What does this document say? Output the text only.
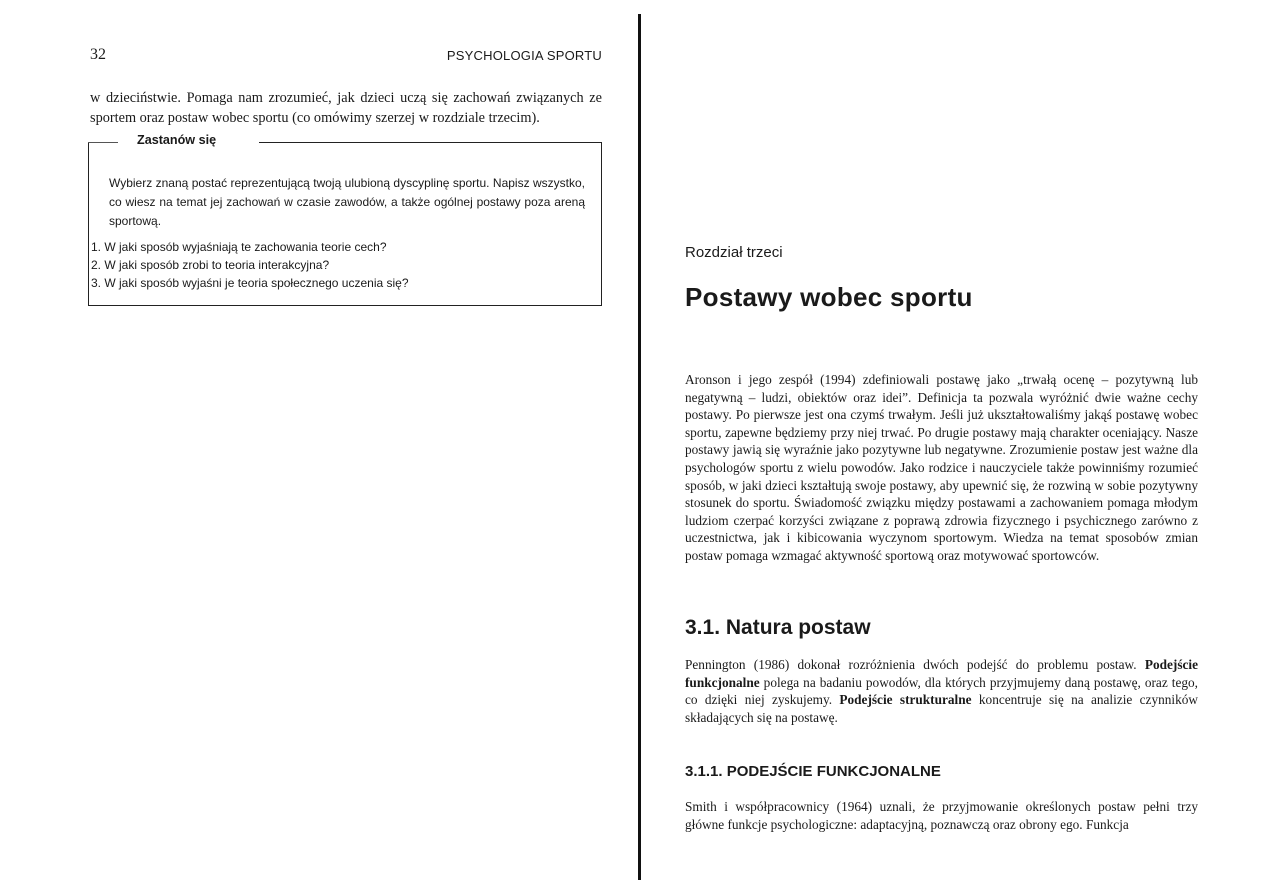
32	PSYCHOLOGIA SPORTU

w dzieciństwie. Pomaga nam zrozumieć, jak dzieci uczą się zachowań związanych ze sportem oraz postaw wobec sportu (co omówimy szerzej w rozdziale trzecim).

Zastanów się

Wybierz znaną postać reprezentującą twoją ulubioną dyscyplinę sportu. Napisz wszystko, co wiesz na temat jej zachowań w czasie zawodów, a także ogólnej postawy poza areną sportową.

1. W jaki sposób wyjaśniają te zachowania teorie cech?
2. W jaki sposób zrobi to teoria interakcyjna?
3. W jaki sposób wyjaśni je teoria społecznego uczenia się?
Rozdział trzeci
Postawy wobec sportu

Aronson i jego zespół (1994) zdefiniowali postawę jako „trwałą ocenę – pozytywną lub negatywną – ludzi, obiektów oraz idei”. Definicja ta pozwala wyróżnić dwie ważne cechy postawy. Po pierwsze jest ona czymś trwałym. Jeśli już ukształtowaliśmy jakąś postawę wobec sportu, zapewne będziemy przy niej trwać. Po drugie postawy mają charakter oceniający. Nasze postawy jawią się wyraźnie jako pozytywne lub negatywne. Zrozumienie postaw jest ważne dla psychologów sportu z wielu powodów. Jako rodzice i nauczyciele także powinniśmy rozumieć sposób, w jaki dzieci kształtują swoje postawy, aby upewnić się, że rozwiną w sobie pozytywny stosunek do sportu. Świadomość związku między postawami a zachowaniem pomaga młodym ludziom czerpać korzyści związane z poprawą zdrowia fizycznego i psychicznego zarówno z uczestnictwa, jak i kibicowania wyczynom sportowym. Wiedza na temat sposobów zmian postaw pomaga wzmagać aktywność sportową oraz motywować sportowców.

3.1. Natura postaw

Pennington (1986) dokonał rozróżnienia dwóch podejść do problemu postaw. Podejście funkcjonalne polega na badaniu powodów, dla których przyjmujemy daną postawę, oraz tego, co dzięki niej zyskujemy. Podejście strukturalne koncentruje się na analizie czynników składających się na postawę.

3.1.1. PODEJŚCIE FUNKCJONALNE

Smith i współpracownicy (1964) uznali, że przyjmowanie określonych postaw pełni trzy główne funkcje psychologiczne: adaptacyjną, poznawczą oraz obrony ego. Funkcja
